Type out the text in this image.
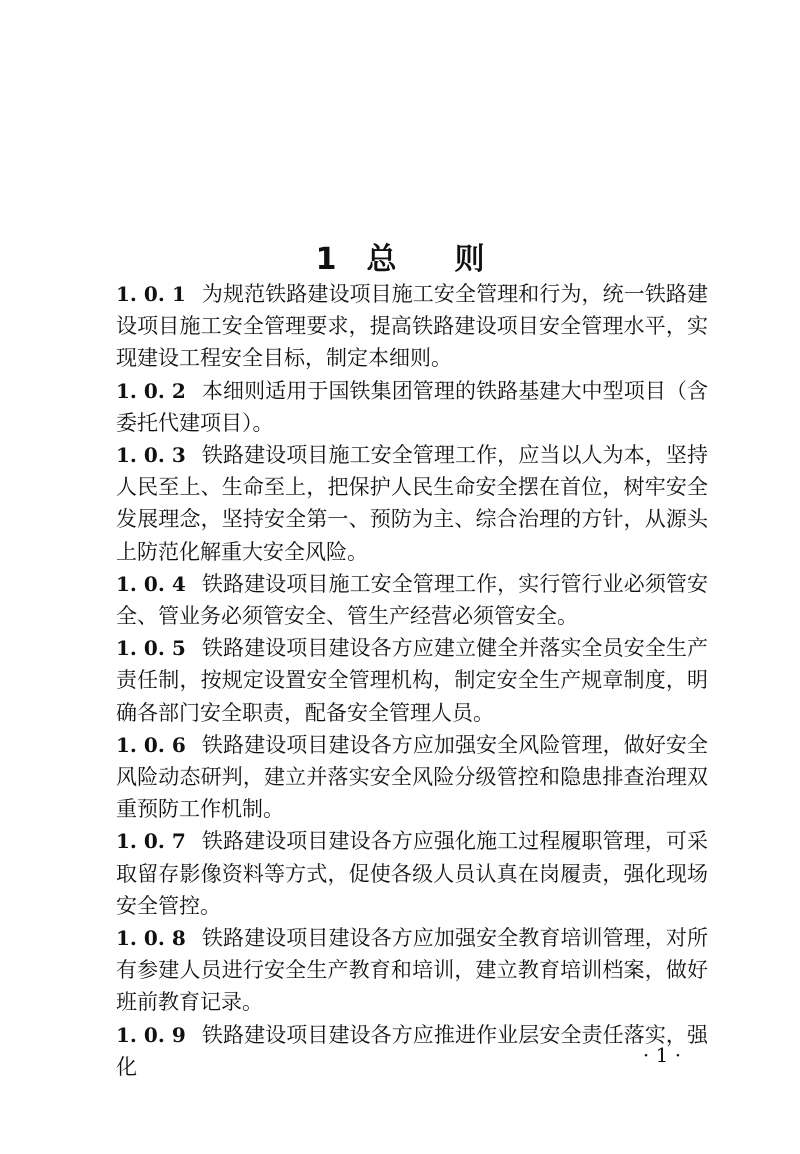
1 总 则

1. 0. 1 为规范铁路建设项目施工安全管理和行为，统一铁路建设项目施工安全管理要求，提高铁路建设项目安全管理水平，实现建设工程安全目标，制定本细则。

1. 0. 2 本细则适用于国铁集团管理的铁路基建大中型项目（含委托代建项目）。

1. 0. 3 铁路建设项目施工安全管理工作，应当以人为本，坚持人民至上、生命至上，把保护人民生命安全摆在首位，树牢安全发展理念，坚持安全第一、预防为主、综合治理的方针，从源头上防范化解重大安全风险。

1. 0. 4 铁路建设项目施工安全管理工作，实行管行业必须管安全、管业务必须管安全、管生产经营必须管安全。

1. 0. 5 铁路建设项目建设各方应建立健全并落实全员安全生产责任制，按规定设置安全管理机构，制定安全生产规章制度，明确各部门安全职责，配备安全管理人员。

1. 0. 6 铁路建设项目建设各方应加强安全风险管理，做好安全风险动态研判，建立并落实安全风险分级管控和隐患排查治理双重预防工作机制。

1. 0. 7 铁路建设项目建设各方应强化施工过程履职管理，可采取留存影像资料等方式，促使各级人员认真在岗履责，强化现场安全管控。

1. 0. 8 铁路建设项目建设各方应加强安全教育培训管理，对所有参建人员进行安全生产教育和培训，建立教育培训档案，做好班前教育记录。

1. 0. 9 铁路建设项目建设各方应推进作业层安全责任落实，强化	· 1 ·
